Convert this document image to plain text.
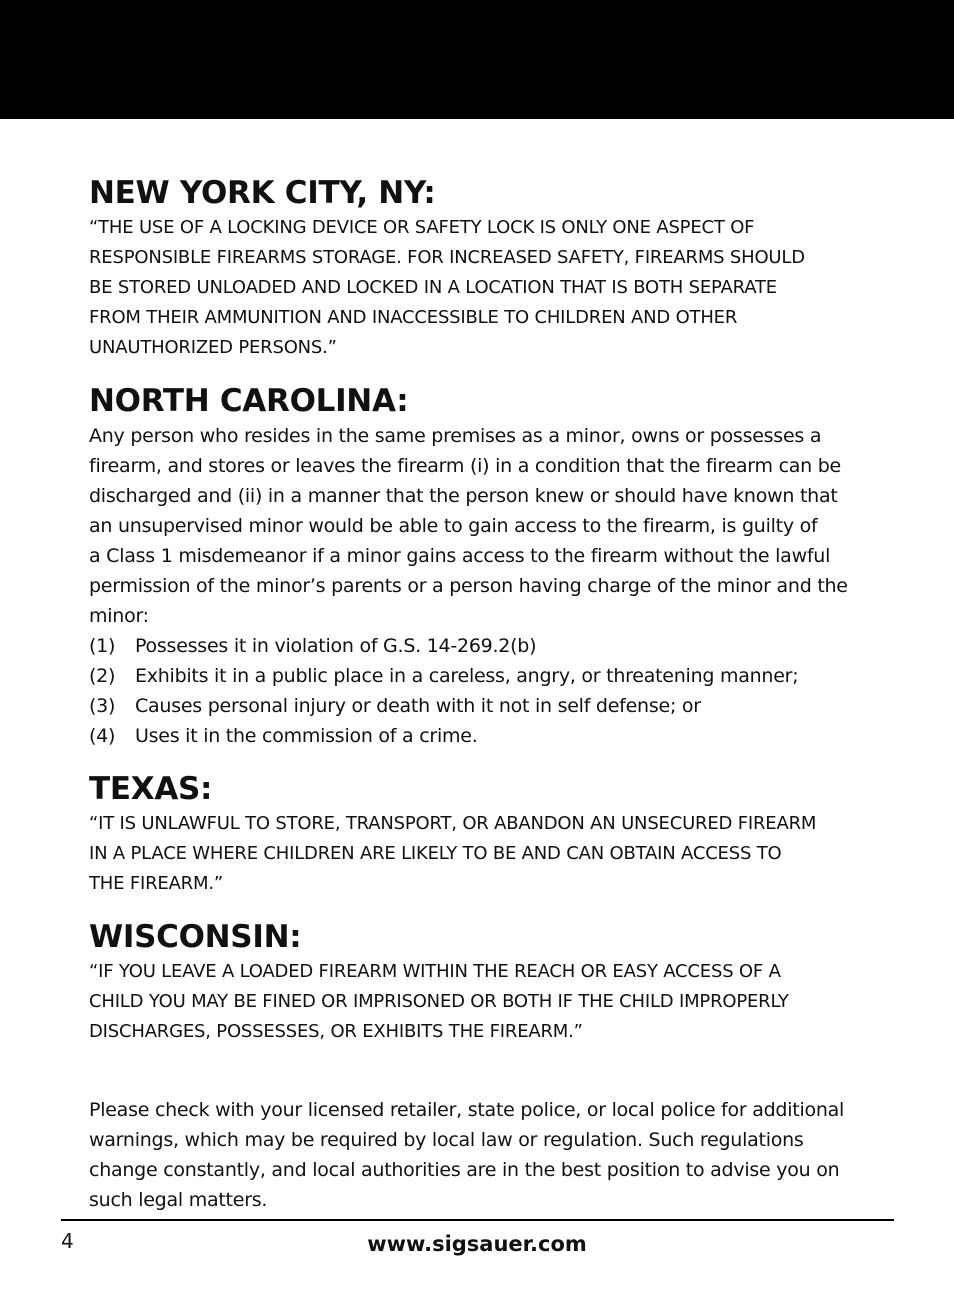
NEW YORK CITY, NY:
“THE USE OF A LOCKING DEVICE OR SAFETY LOCK IS ONLY ONE ASPECT OF
RESPONSIBLE FIREARMS STORAGE. FOR INCREASED SAFETY, FIREARMS SHOULD
BE STORED UNLOADED AND LOCKED IN A LOCATION THAT IS BOTH SEPARATE
FROM THEIR AMMUNITION AND INACCESSIBLE TO CHILDREN AND OTHER
UNAUTHORIZED PERSONS.”
NORTH CAROLINA:
Any person who resides in the same premises as a minor, owns or possesses a
firearm, and stores or leaves the firearm (i) in a condition that the firearm can be
discharged and (ii) in a manner that the person knew or should have known that
an unsupervised minor would be able to gain access to the firearm, is guilty of
a Class 1 misdemeanor if a minor gains access to the firearm without the lawful
permission of the minor’s parents or a person having charge of the minor and the
minor:
(1)	Possesses it in violation of G.S. 14-269.2(b)
(2)	Exhibits it in a public place in a careless, angry, or threatening manner;
(3)	Causes personal injury or death with it not in self defense; or
(4)	Uses it in the commission of a crime.
TEXAS:
“IT IS UNLAWFUL TO STORE, TRANSPORT, OR ABANDON AN UNSECURED FIREARM
IN A PLACE WHERE CHILDREN ARE LIKELY TO BE AND CAN OBTAIN ACCESS TO
THE FIREARM.”
WISCONSIN:
“IF YOU LEAVE A LOADED FIREARM WITHIN THE REACH OR EASY ACCESS OF A
CHILD YOU MAY BE FINED OR IMPRISONED OR BOTH IF THE CHILD IMPROPERLY
DISCHARGES, POSSESSES, OR EXHIBITS THE FIREARM.”
Please check with your licensed retailer, state police, or local police for additional
warnings, which may be required by local law or regulation. Such regulations
change constantly, and local authorities are in the best position to advise you on
such legal matters.
4	www.sigsauer.com
